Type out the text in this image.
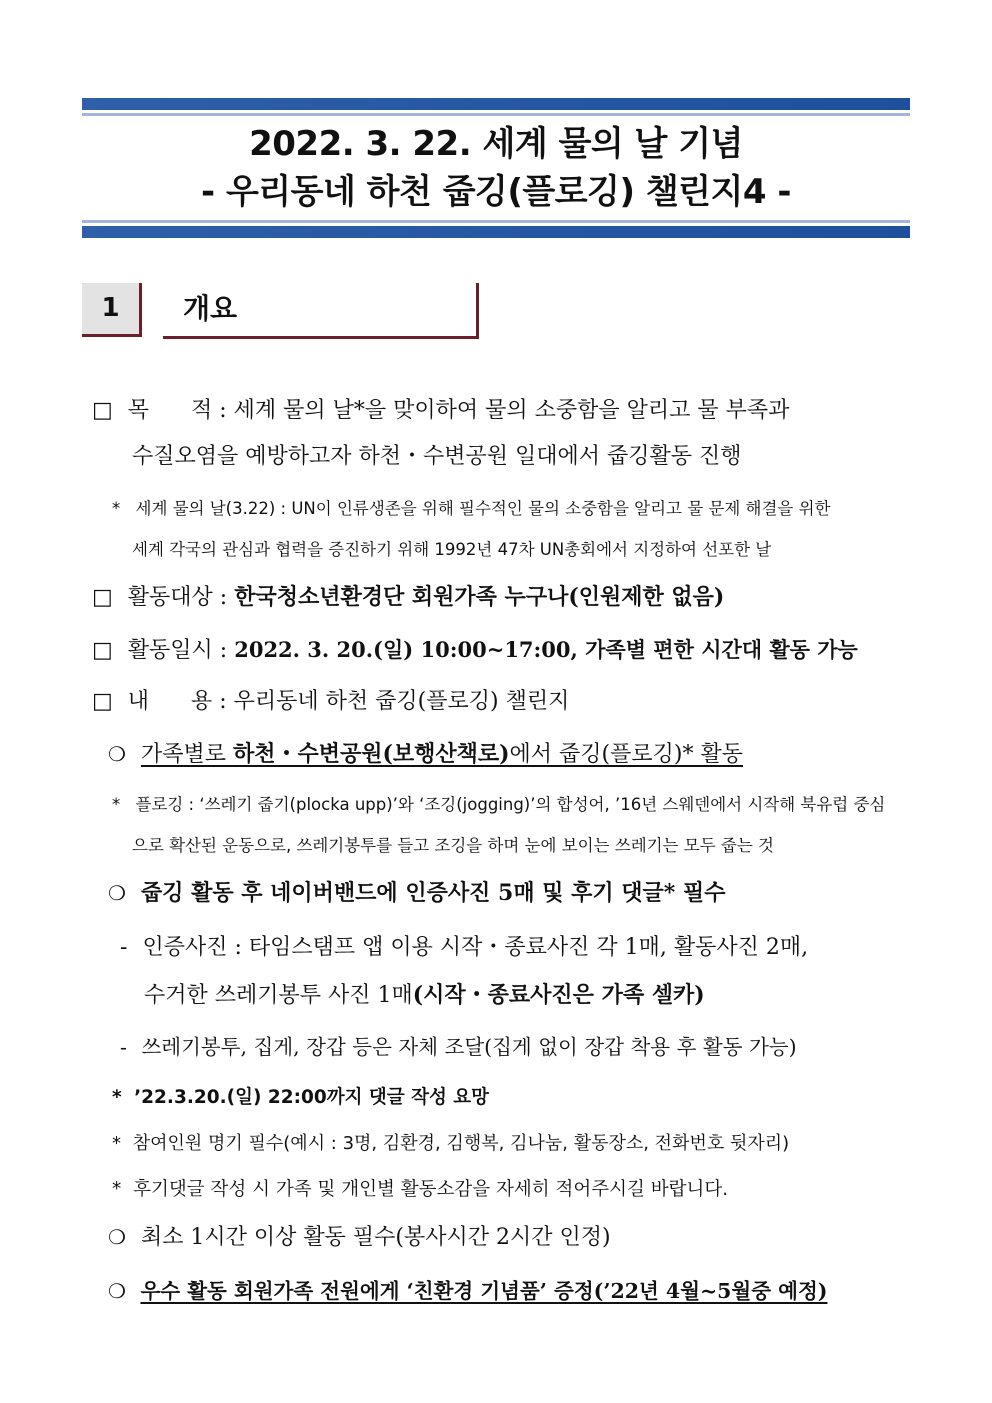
2022. 3. 22. 세계 물의 날 기념
- 우리동네 하천 줍깅(플로깅) 챌린지4 -
1	개요
□ 목      적 : 세계 물의 날*을 맞이하여 물의 소중함을 알리고 물 부족과
수질오염을 예방하고자 하천・수변공원 일대에서 줍깅활동 진행
* 세계 물의 날(3.22) : UN이 인류생존을 위해 필수적인 물의 소중함을 알리고 물 문제 해결을 위한
세계 각국의 관심과 협력을 증진하기 위해 1992년 47차 UN총회에서 지정하여 선포한 날
□ 활동대상 : 한국청소년환경단 회원가족 누구나(인원제한 없음)
□ 활동일시 : 2022. 3. 20.(일) 10:00~17:00, 가족별 편한 시간대 활동 가능
□ 내      용 : 우리동네 하천 줍깅(플로깅) 챌린지
❍ 가족별로 하천・수변공원(보행산책로)에서 줍깅(플로깅)* 활동
* 플로깅 : ‘쓰레기 줍기(plocka upp)’와 ‘조깅(jogging)’의 합성어, ’16년 스웨덴에서 시작해 북유럽 중심
으로 확산된 운동으로, 쓰레기봉투를 들고 조깅을 하며 눈에 보이는 쓰레기는 모두 줍는 것
❍ 줍깅 활동 후 네이버밴드에 인증사진 5매 및 후기 댓글* 필수
- 인증사진 : 타임스탬프 앱 이용 시작・종료사진 각 1매, 활동사진 2매,
수거한 쓰레기봉투 사진 1매(시작・종료사진은 가족 셀카)
- 쓰레기봉투, 집게, 장갑 등은 자체 조달(집게 없이 장갑 착용 후 활동 가능)
* ’22.3.20.(일) 22:00까지 댓글 작성 요망
* 참여인원 명기 필수(예시 : 3명, 김환경, 김행복, 김나눔, 활동장소, 전화번호 뒷자리)
* 후기댓글 작성 시 가족 및 개인별 활동소감을 자세히 적어주시길 바랍니다.
❍ 최소 1시간 이상 활동 필수(봉사시간 2시간 인정)
❍ 우수 활동 회원가족 전원에게 ‘친환경 기념품’ 증정(’22년 4월~5월중 예정)
